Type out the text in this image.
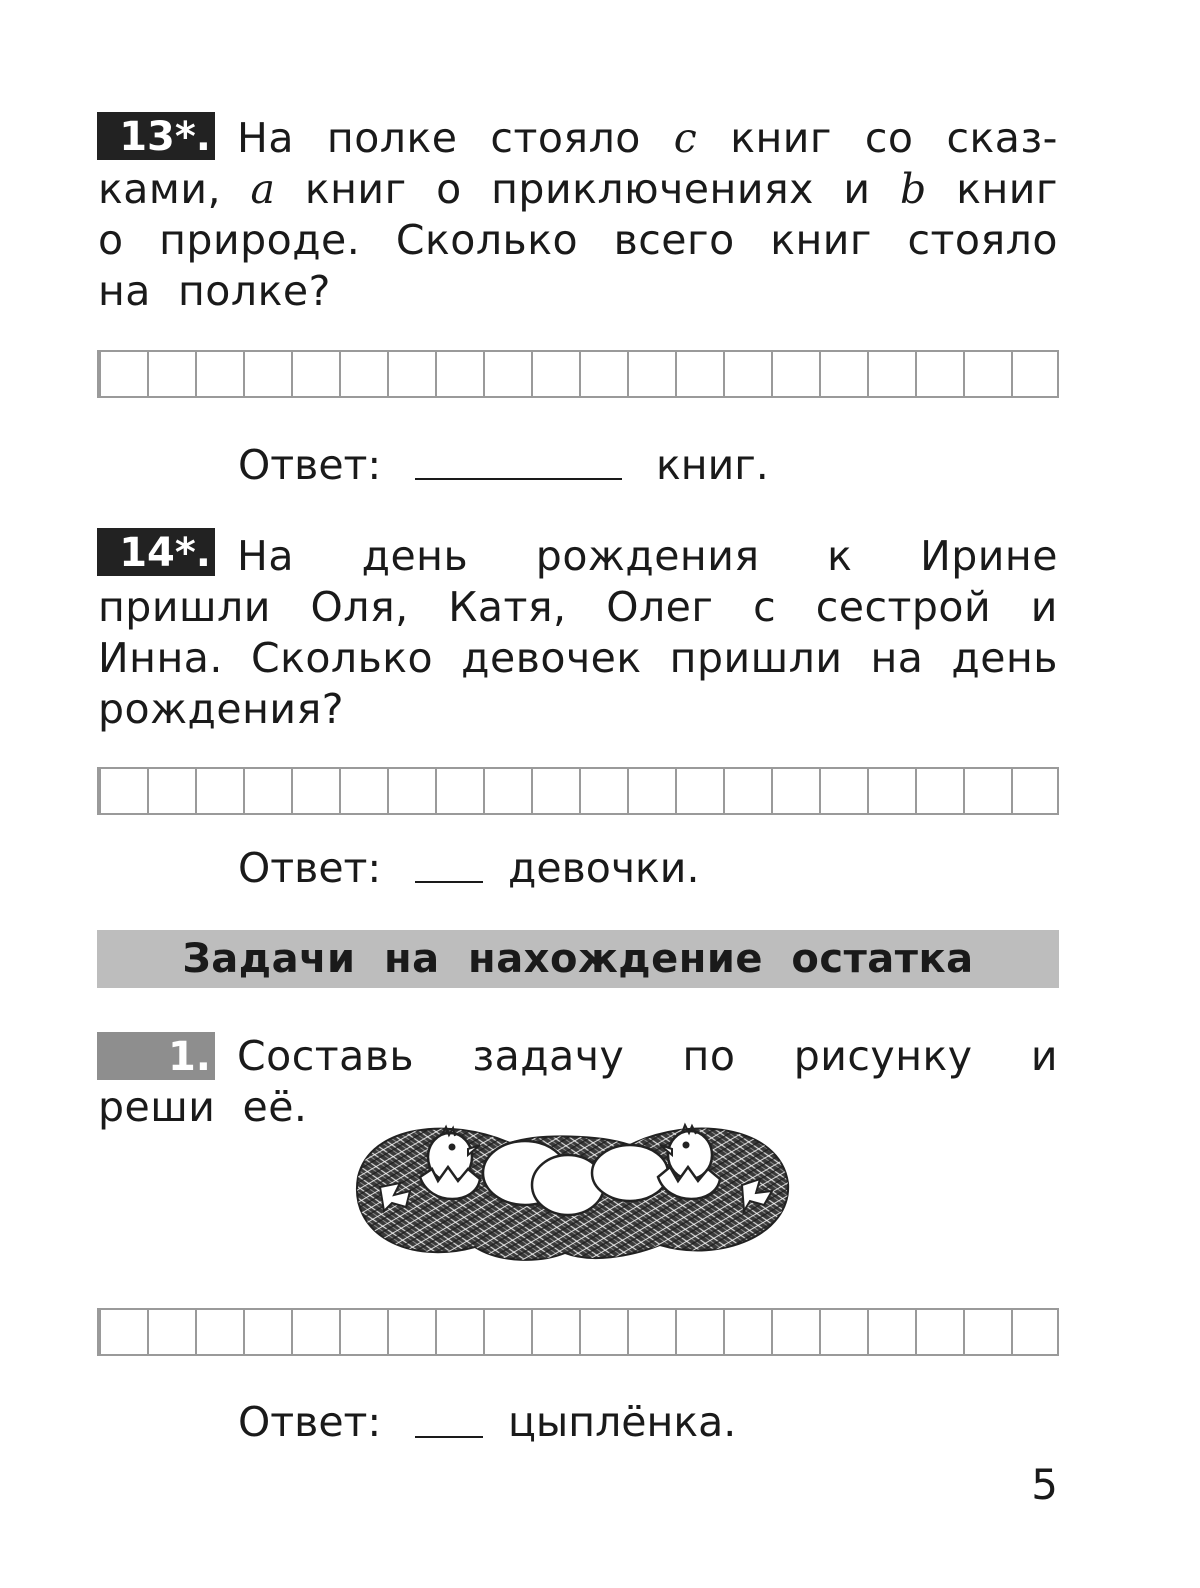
13*. На полке стояло c книг со сказ-
ками, a книг о приключениях и b книг
о природе. Сколько всего книг стояло
на  полке?
Ответ:	книг.
14*. На день рождения к Ирине
пришли Оля, Катя, Олег с сестрой и
Инна. Сколько девочек пришли на день
рождения?
Ответ:	девочки.
Задачи на нахождение остатка
1. Составь задачу по рисунку и
реши  её.
Ответ:	цыплёнка.
5
